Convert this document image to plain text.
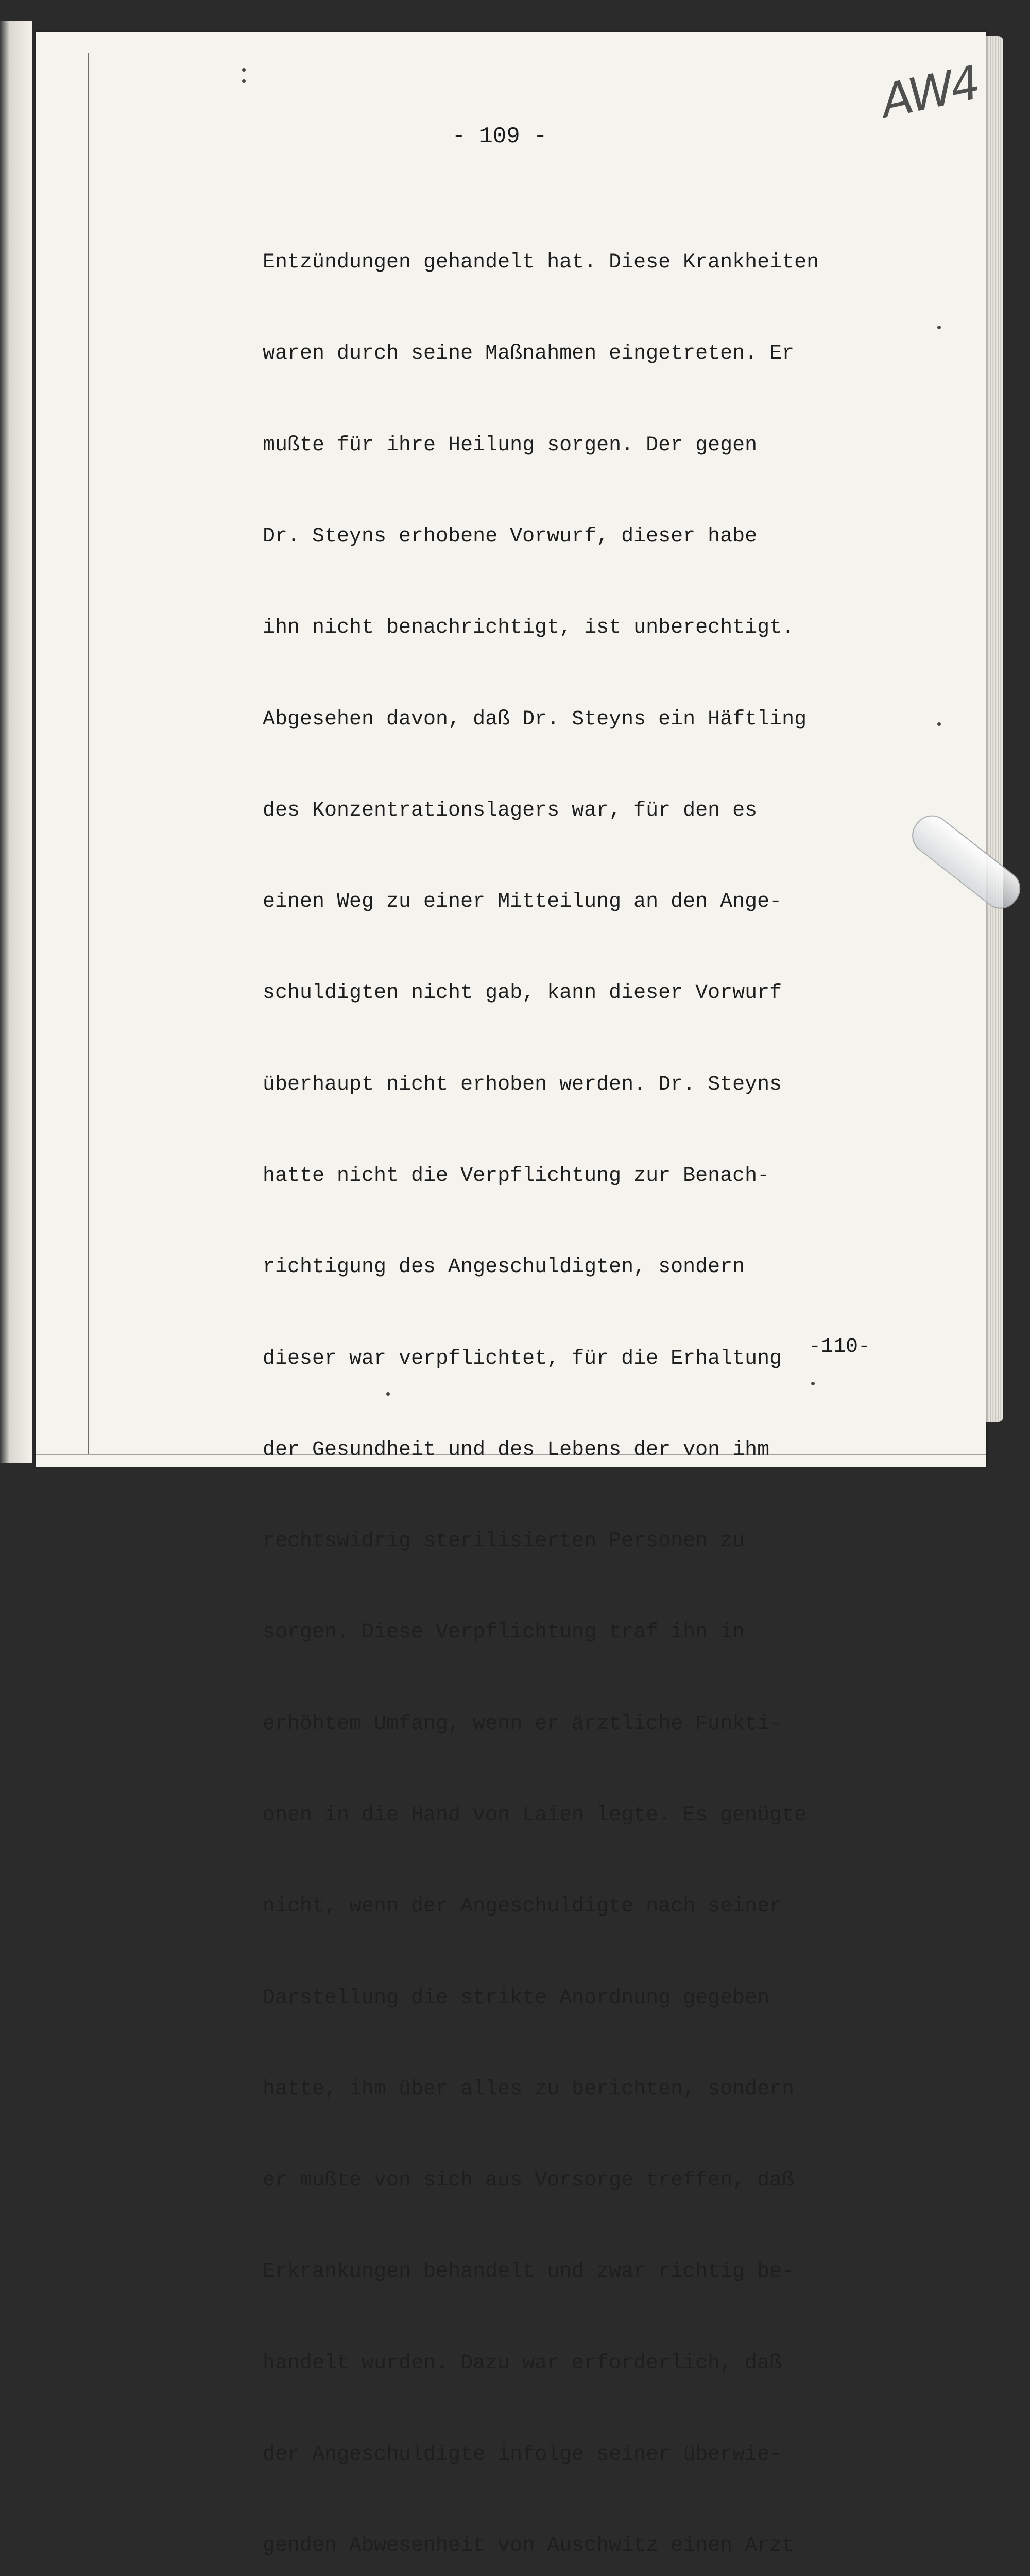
AW4
- 109 -

Entzündungen gehandelt hat. Diese Krankheiten

waren durch seine Maßnahmen eingetreten. Er

mußte für ihre Heilung sorgen. Der gegen

Dr. Steyns erhobene Vorwurf, dieser habe

ihn nicht benachrichtigt, ist unberechtigt.

Abgesehen davon, daß Dr. Steyns ein Häftling

des Konzentrationslagers war, für den es

einen Weg zu einer Mitteilung an den Ange-

schuldigten nicht gab, kann dieser Vorwurf

überhaupt nicht erhoben werden. Dr. Steyns

hatte nicht die Verpflichtung zur Benach-

richtigung des Angeschuldigten, sondern

dieser war verpflichtet, für die Erhaltung

der Gesundheit und des Lebens der von ihm

rechtswidrig sterilisierten Personen zu

sorgen. Diese Verpflichtung traf ihn in

erhöhtem Umfang, wenn er ärztliche Funkti-

onen in die Hand von Laien legte. Es genügte

nicht, wenn der Angeschuldigte nach seiner

Darstellung die strikte Anordnung gegeben

hatte, ihm über alles zu berichten, sondern

er mußte von sich aus Vorsorge treffen, daß

Erkrankungen behandelt und zwar richtig be-

handelt wurden. Dazu war erforderlich, daß

der Angeschuldigte infolge seiner überwie-

genden Abwesenheit von Auschwitz einen Arzt

-110-
